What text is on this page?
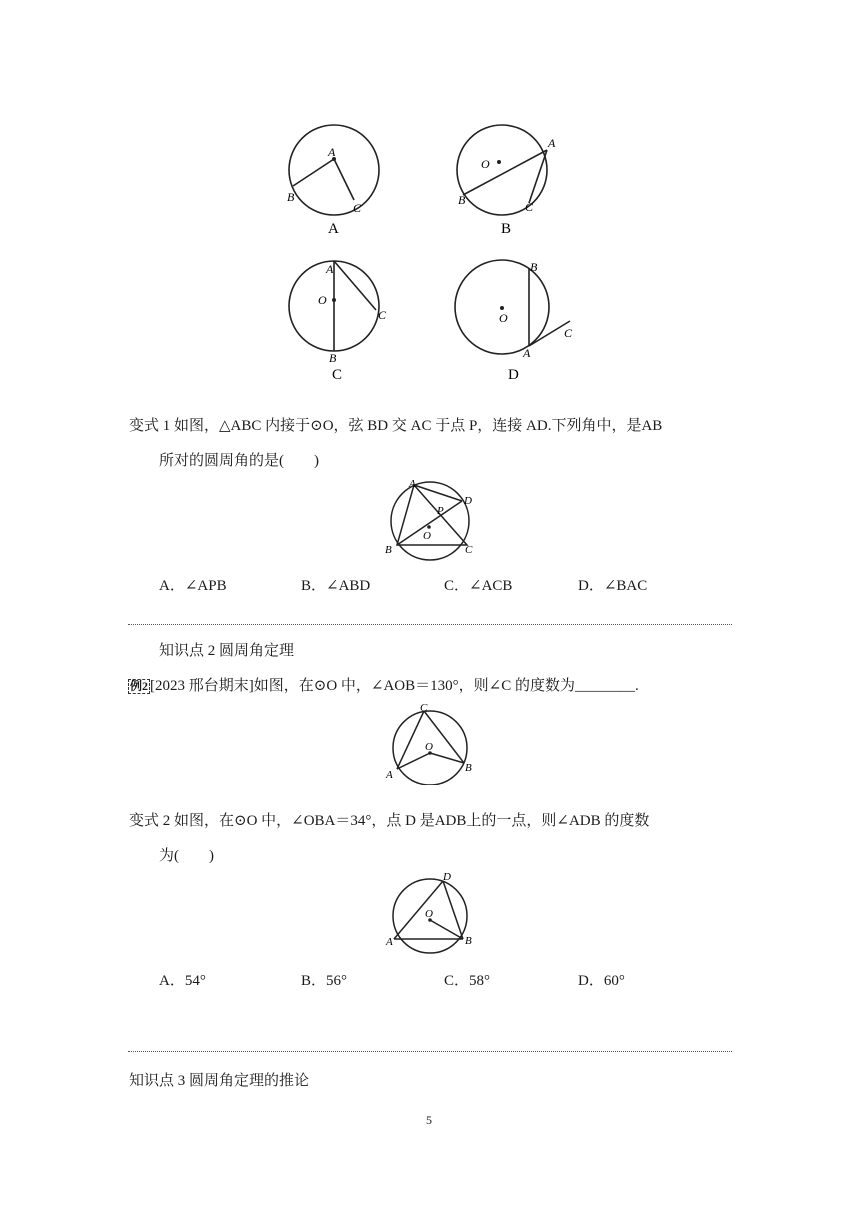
A
B
C
A
O
A
B	C
B
A
O
B
C
C
B
O
A
C
D
变式 1 如图，△ABC 内接于⊙O，弦 BD 交 AC 于点 P，连接 AD.下列角中，是AB
所对的圆周角的是(　　)
A
D
P
O
B	C
A．∠APB	B．∠ABD	C．∠ACB	D．∠BAC
知识点 2 圆周角定理
例2 [2023 邢台期末]如图，在⊙O 中，∠AOB＝130°，则∠C 的度数为________.
C
O
A
B
变式 2 如图，在⊙O 中，∠OBA＝34°，点 D 是ADB上的一点，则∠ADB 的度数
为(　　)
D
O
A	B
A．54°	B．56°	C．58°	D．60°
知识点 3 圆周角定理的推论
5
